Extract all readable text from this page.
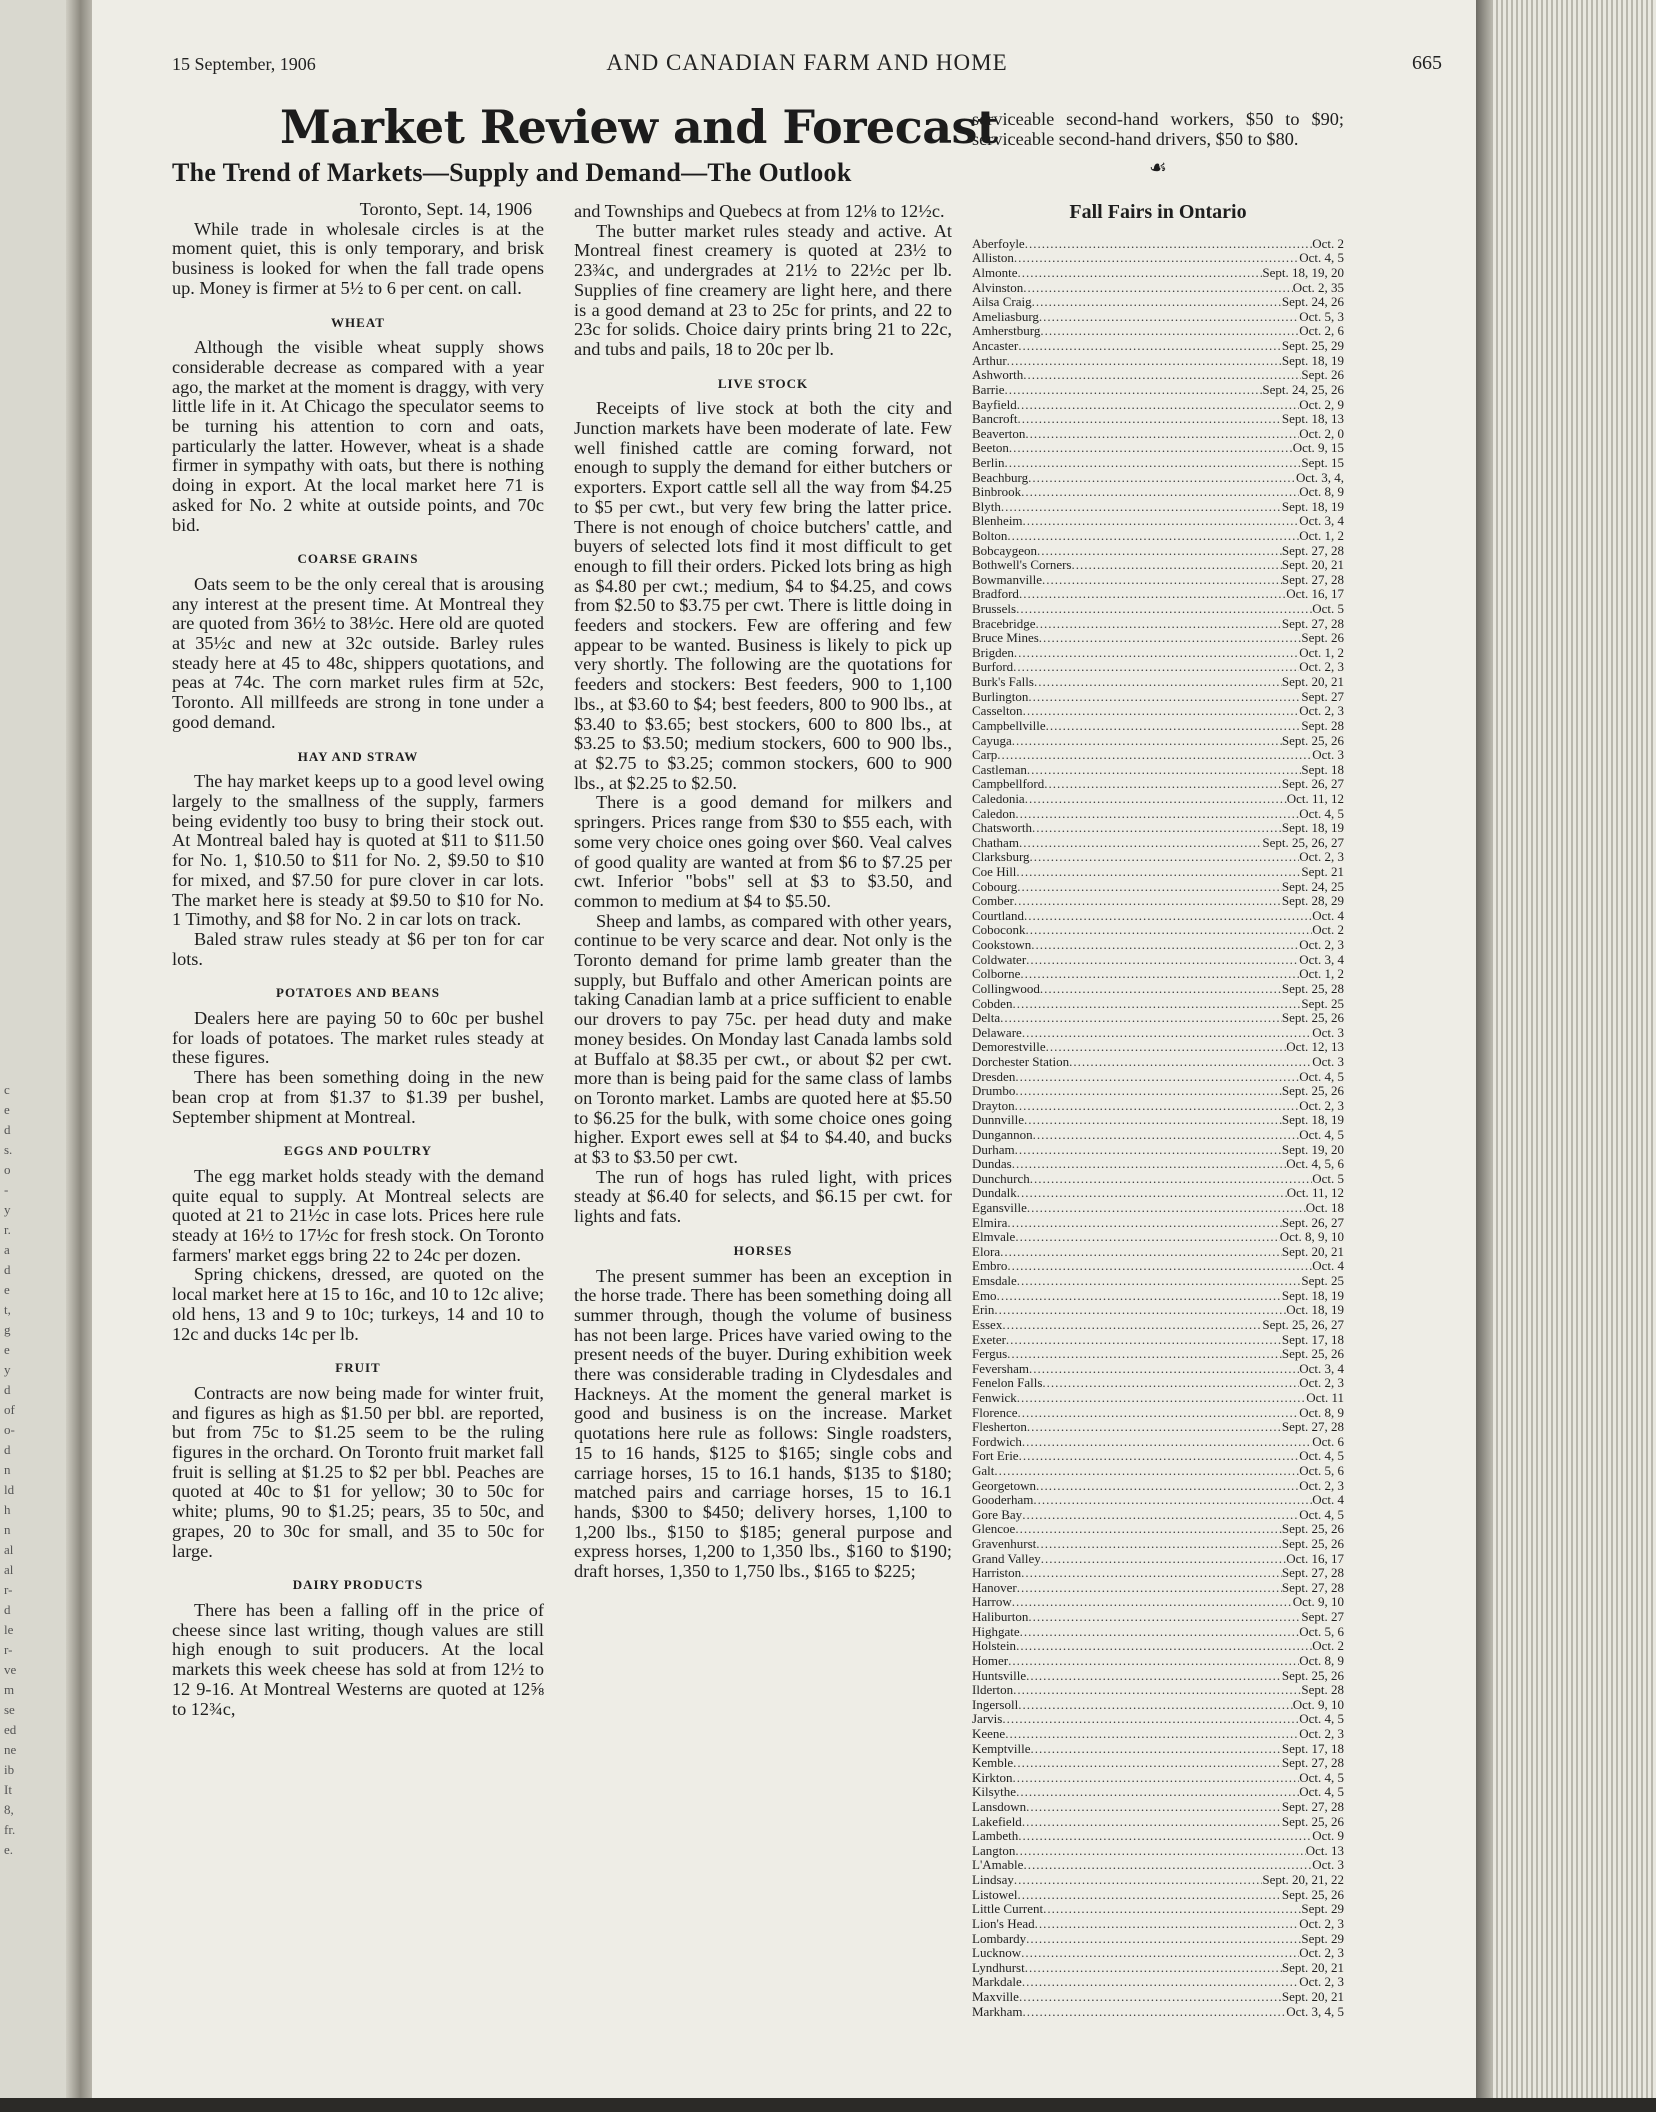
c
e
d
s.
o
-
y
r.
a
d
e
t,
g
e
y
d
of
o-
d
n
ld
h
n
al
al
r-
d
le
r-
ve
m
se
ed
ne
ib
It
8,
fr.
e.
15 September, 1906	AND CANADIAN FARM AND HOME	665
Market Review and Forecast
The Trend of Markets—Supply and Demand—The Outlook
Toronto, Sept. 14, 1906

While trade in wholesale circles is at the moment quiet, this is only temporary, and brisk business is looked for when the fall trade opens up. Money is firmer at 5½ to 6 per cent. on call.

WHEAT

Although the visible wheat supply shows considerable decrease as compared with a year ago, the market at the moment is draggy, with very little life in it. At Chicago the speculator seems to be turning his attention to corn and oats, particularly the latter. However, wheat is a shade firmer in sympathy with oats, but there is nothing doing in export. At the local market here 71 is asked for No. 2 white at outside points, and 70c bid.

COARSE GRAINS

Oats seem to be the only cereal that is arousing any interest at the present time. At Montreal they are quoted from 36½ to 38½c. Here old are quoted at 35½c and new at 32c outside. Barley rules steady here at 45 to 48c, shippers quotations, and peas at 74c. The corn market rules firm at 52c, Toronto. All millfeeds are strong in tone under a good demand.

HAY AND STRAW

The hay market keeps up to a good level owing largely to the smallness of the supply, farmers being evidently too busy to bring their stock out. At Montreal baled hay is quoted at $11 to $11.50 for No. 1, $10.50 to $11 for No. 2, $9.50 to $10 for mixed, and $7.50 for pure clover in car lots. The market here is steady at $9.50 to $10 for No. 1 Timothy, and $8 for No. 2 in car lots on track.

Baled straw rules steady at $6 per ton for car lots.

POTATOES AND BEANS

Dealers here are paying 50 to 60c per bushel for loads of potatoes. The market rules steady at these figures.

There has been something doing in the new bean crop at from $1.37 to $1.39 per bushel, September shipment at Montreal.

EGGS AND POULTRY

The egg market holds steady with the demand quite equal to supply. At Montreal selects are quoted at 21 to 21½c in case lots. Prices here rule steady at 16½ to 17½c for fresh stock. On Toronto farmers' market eggs bring 22 to 24c per dozen.

Spring chickens, dressed, are quoted on the local market here at 15 to 16c, and 10 to 12c alive; old hens, 13 and 9 to 10c; turkeys, 14 and 10 to 12c and ducks 14c per lb.

FRUIT

Contracts are now being made for winter fruit, and figures as high as $1.50 per bbl. are reported, but from 75c to $1.25 seem to be the ruling figures in the orchard. On Toronto fruit market fall fruit is selling at $1.25 to $2 per bbl. Peaches are quoted at 40c to $1 for yellow; 30 to 50c for white; plums, 90 to $1.25; pears, 35 to 50c, and grapes, 20 to 30c for small, and 35 to 50c for large.

DAIRY PRODUCTS

There has been a falling off in the price of cheese since last writing, though values are still high enough to suit producers. At the local markets this week cheese has sold at from 12½ to 12 9-16. At Montreal Westerns are quoted at 12⅝ to 12¾c,

and Townships and Quebecs at from 12⅛ to 12½c.

The butter market rules steady and active. At Montreal finest creamery is quoted at 23½ to 23¾c, and undergrades at 21½ to 22½c per lb. Supplies of fine creamery are light here, and there is a good demand at 23 to 25c for prints, and 22 to 23c for solids. Choice dairy prints bring 21 to 22c, and tubs and pails, 18 to 20c per lb.

LIVE STOCK

Receipts of live stock at both the city and Junction markets have been moderate of late. Few well finished cattle are coming forward, not enough to supply the demand for either butchers or exporters. Export cattle sell all the way from $4.25 to $5 per cwt., but very few bring the latter price. There is not enough of choice butchers' cattle, and buyers of selected lots find it most difficult to get enough to fill their orders. Picked lots bring as high as $4.80 per cwt.; medium, $4 to $4.25, and cows from $2.50 to $3.75 per cwt. There is little doing in feeders and stockers. Few are offering and few appear to be wanted. Business is likely to pick up very shortly. The following are the quotations for feeders and stockers: Best feeders, 900 to 1,100 lbs., at $3.60 to $4; best feeders, 800 to 900 lbs., at $3.40 to $3.65; best stockers, 600 to 800 lbs., at $3.25 to $3.50; medium stockers, 600 to 900 lbs., at $2.75 to $3.25; common stockers, 600 to 900 lbs., at $2.25 to $2.50.

There is a good demand for milkers and springers. Prices range from $30 to $55 each, with some very choice ones going over $60. Veal calves of good quality are wanted at from $6 to $7.25 per cwt. Inferior "bobs" sell at $3 to $3.50, and common to medium at $4 to $5.50.

Sheep and lambs, as compared with other years, continue to be very scarce and dear. Not only is the Toronto demand for prime lamb greater than the supply, but Buffalo and other American points are taking Canadian lamb at a price sufficient to enable our drovers to pay 75c. per head duty and make money besides. On Monday last Canada lambs sold at Buffalo at $8.35 per cwt., or about $2 per cwt. more than is being paid for the same class of lambs on Toronto market. Lambs are quoted here at $5.50 to $6.25 for the bulk, with some choice ones going higher. Export ewes sell at $4 to $4.40, and bucks at $3 to $3.50 per cwt.

The run of hogs has ruled light, with prices steady at $6.40 for selects, and $6.15 per cwt. for lights and fats.

HORSES

The present summer has been an exception in the horse trade. There has been something doing all summer through, though the volume of business has not been large. Prices have varied owing to the present needs of the buyer. During exhibition week there was considerable trading in Clydesdales and Hackneys. At the moment the general market is good and business is on the increase. Market quotations here rule as follows: Single roadsters, 15 to 16 hands, $125 to $165; single cobs and carriage horses, 15 to 16.1 hands, $135 to $180; matched pairs and carriage horses, 15 to 16.1 hands, $300 to $450; delivery horses, 1,100 to 1,200 lbs., $150 to $185; general purpose and express horses, 1,200 to 1,350 lbs., $160 to $190; draft horses, 1,350 to 1,750 lbs., $165 to $225;

serviceable second-hand workers, $50 to $90; serviceable second-hand drivers, $50 to $80.

☙
Fall Fairs in Ontario
Aberfoyle .....	Oct. 2
Alliston .....	Oct. 4, 5
Almonte .....	Sept. 18, 19, 20
Alvinston .....	Oct. 2, 35
Ailsa Craig .....	Sept. 24, 26
Ameliasburg .....	Oct. 5, 3
Amherstburg .....	Oct. 2, 6
Ancaster .....	Sept. 25, 29
Arthur .....	Sept. 18, 19
Ashworth .....	Sept. 26
Barrie .....	Sept. 24, 25, 26
Bayfield .....	Oct. 2, 9
Bancroft .....	Sept. 18, 13
Beaverton .....	Oct. 2, 0
Beeton .....	Oct. 9, 15
Berlin .....	Sept. 15
Beachburg .....	Oct. 3, 4,
Binbrook .....	Oct. 8, 9
Blyth .....	Sept. 18, 19
Blenheim .....	Oct. 3, 4
Bolton .....	Oct. 1, 2
Bobcaygeon .....	Sept. 27, 28
Bothwell's Corners .....	Sept. 20, 21
Bowmanville .....	Sept. 27, 28
Bradford .....	Oct. 16, 17
Brussels .....	Oct. 5
Bracebridge .....	Sept. 27, 28
Bruce Mines .....	Sept. 26
Brigden .....	Oct. 1, 2
Burford .....	Oct. 2, 3
Burk's Falls .....	Sept. 20, 21
Burlington .....	Sept. 27
Casselton .....	Oct. 2, 3
Campbellville .....	Sept. 28
Cayuga .....	Sept. 25, 26
Carp .....	Oct. 3
Castleman .....	Sept. 18
Campbellford .....	Sept. 26, 27
Caledonia .....	Oct. 11, 12
Caledon .....	Oct. 4, 5
Chatsworth .....	Sept. 18, 19
Chatham .....	Sept. 25, 26, 27
Clarksburg .....	Oct. 2, 3
Coe Hill .....	Sept. 21
Cobourg .....	Sept. 24, 25
Comber .....	Sept. 28, 29
Courtland .....	Oct. 4
Coboconk .....	Oct. 2
Cookstown .....	Oct. 2, 3
Coldwater .....	Oct. 3, 4
Colborne .....	Oct. 1, 2
Collingwood .....	Sept. 25, 28
Cobden .....	Sept. 25
Delta .....	Sept. 25, 26
Delaware .....	Oct. 3
Demorestville .....	Oct. 12, 13
Dorchester Station .....	Oct. 3
Dresden .....	Oct. 4, 5
Drumbo .....	Sept. 25, 26
Drayton .....	Oct. 2, 3
Dunnville .....	Sept. 18, 19
Dungannon .....	Oct. 4, 5
Durham .....	Sept. 19, 20
Dundas .....	Oct. 4, 5, 6
Dunchurch .....	Oct. 5
Dundalk .....	Oct. 11, 12
Egansville .....	Oct. 18
Elmira .....	Sept. 26, 27
Elmvale .....	Oct. 8, 9, 10
Elora .....	Sept. 20, 21
Embro .....	Oct. 4
Emsdale .....	Sept. 25
Emo .....	Sept. 18, 19
Erin .....	Oct. 18, 19
Essex .....	Sept. 25, 26, 27
Exeter .....	Sept. 17, 18
Fergus .....	Sept. 25, 26
Feversham .....	Oct. 3, 4
Fenelon Falls .....	Oct. 2, 3
Fenwick .....	Oct. 11
Florence .....	Oct. 8, 9
Flesherton .....	Sept. 27, 28
Fordwich .....	Oct. 6
Fort Erie .....	Oct. 4, 5
Galt .....	Oct. 5, 6
Georgetown .....	Oct. 2, 3
Gooderham .....	Oct. 4
Gore Bay .....	Oct. 4, 5
Glencoe .....	Sept. 25, 26
Gravenhurst .....	Sept. 25, 26
Grand Valley .....	Oct. 16, 17
Harriston .....	Sept. 27, 28
Hanover .....	Sept. 27, 28
Harrow .....	Oct. 9, 10
Haliburton .....	Sept. 27
Highgate .....	Oct. 5, 6
Holstein .....	Oct. 2
Homer .....	Oct. 8, 9
Huntsville .....	Sept. 25, 26
Ilderton .....	Sept. 28
Ingersoll .....	Oct. 9, 10
Jarvis .....	Oct. 4, 5
Keene .....	Oct. 2, 3
Kemptville .....	Sept. 17, 18
Kemble .....	Sept. 27, 28
Kirkton .....	Oct. 4, 5
Kilsythe .....	Oct. 4, 5
Lansdown .....	Sept. 27, 28
Lakefield .....	Sept. 25, 26
Lambeth .....	Oct. 9
Langton .....	Oct. 13
L'Amable .....	Oct. 3
Lindsay .....	Sept. 20, 21, 22
Listowel .....	Sept. 25, 26
Little Current .....	Sept. 29
Lion's Head .....	Oct. 2, 3
Lombardy .....	Sept. 29
Lucknow .....	Oct. 2, 3
Lyndhurst .....	Sept. 20, 21
Markdale .....	Oct. 2, 3
Maxville .....	Sept. 20, 21
Markham .....	Oct. 3, 4, 5
